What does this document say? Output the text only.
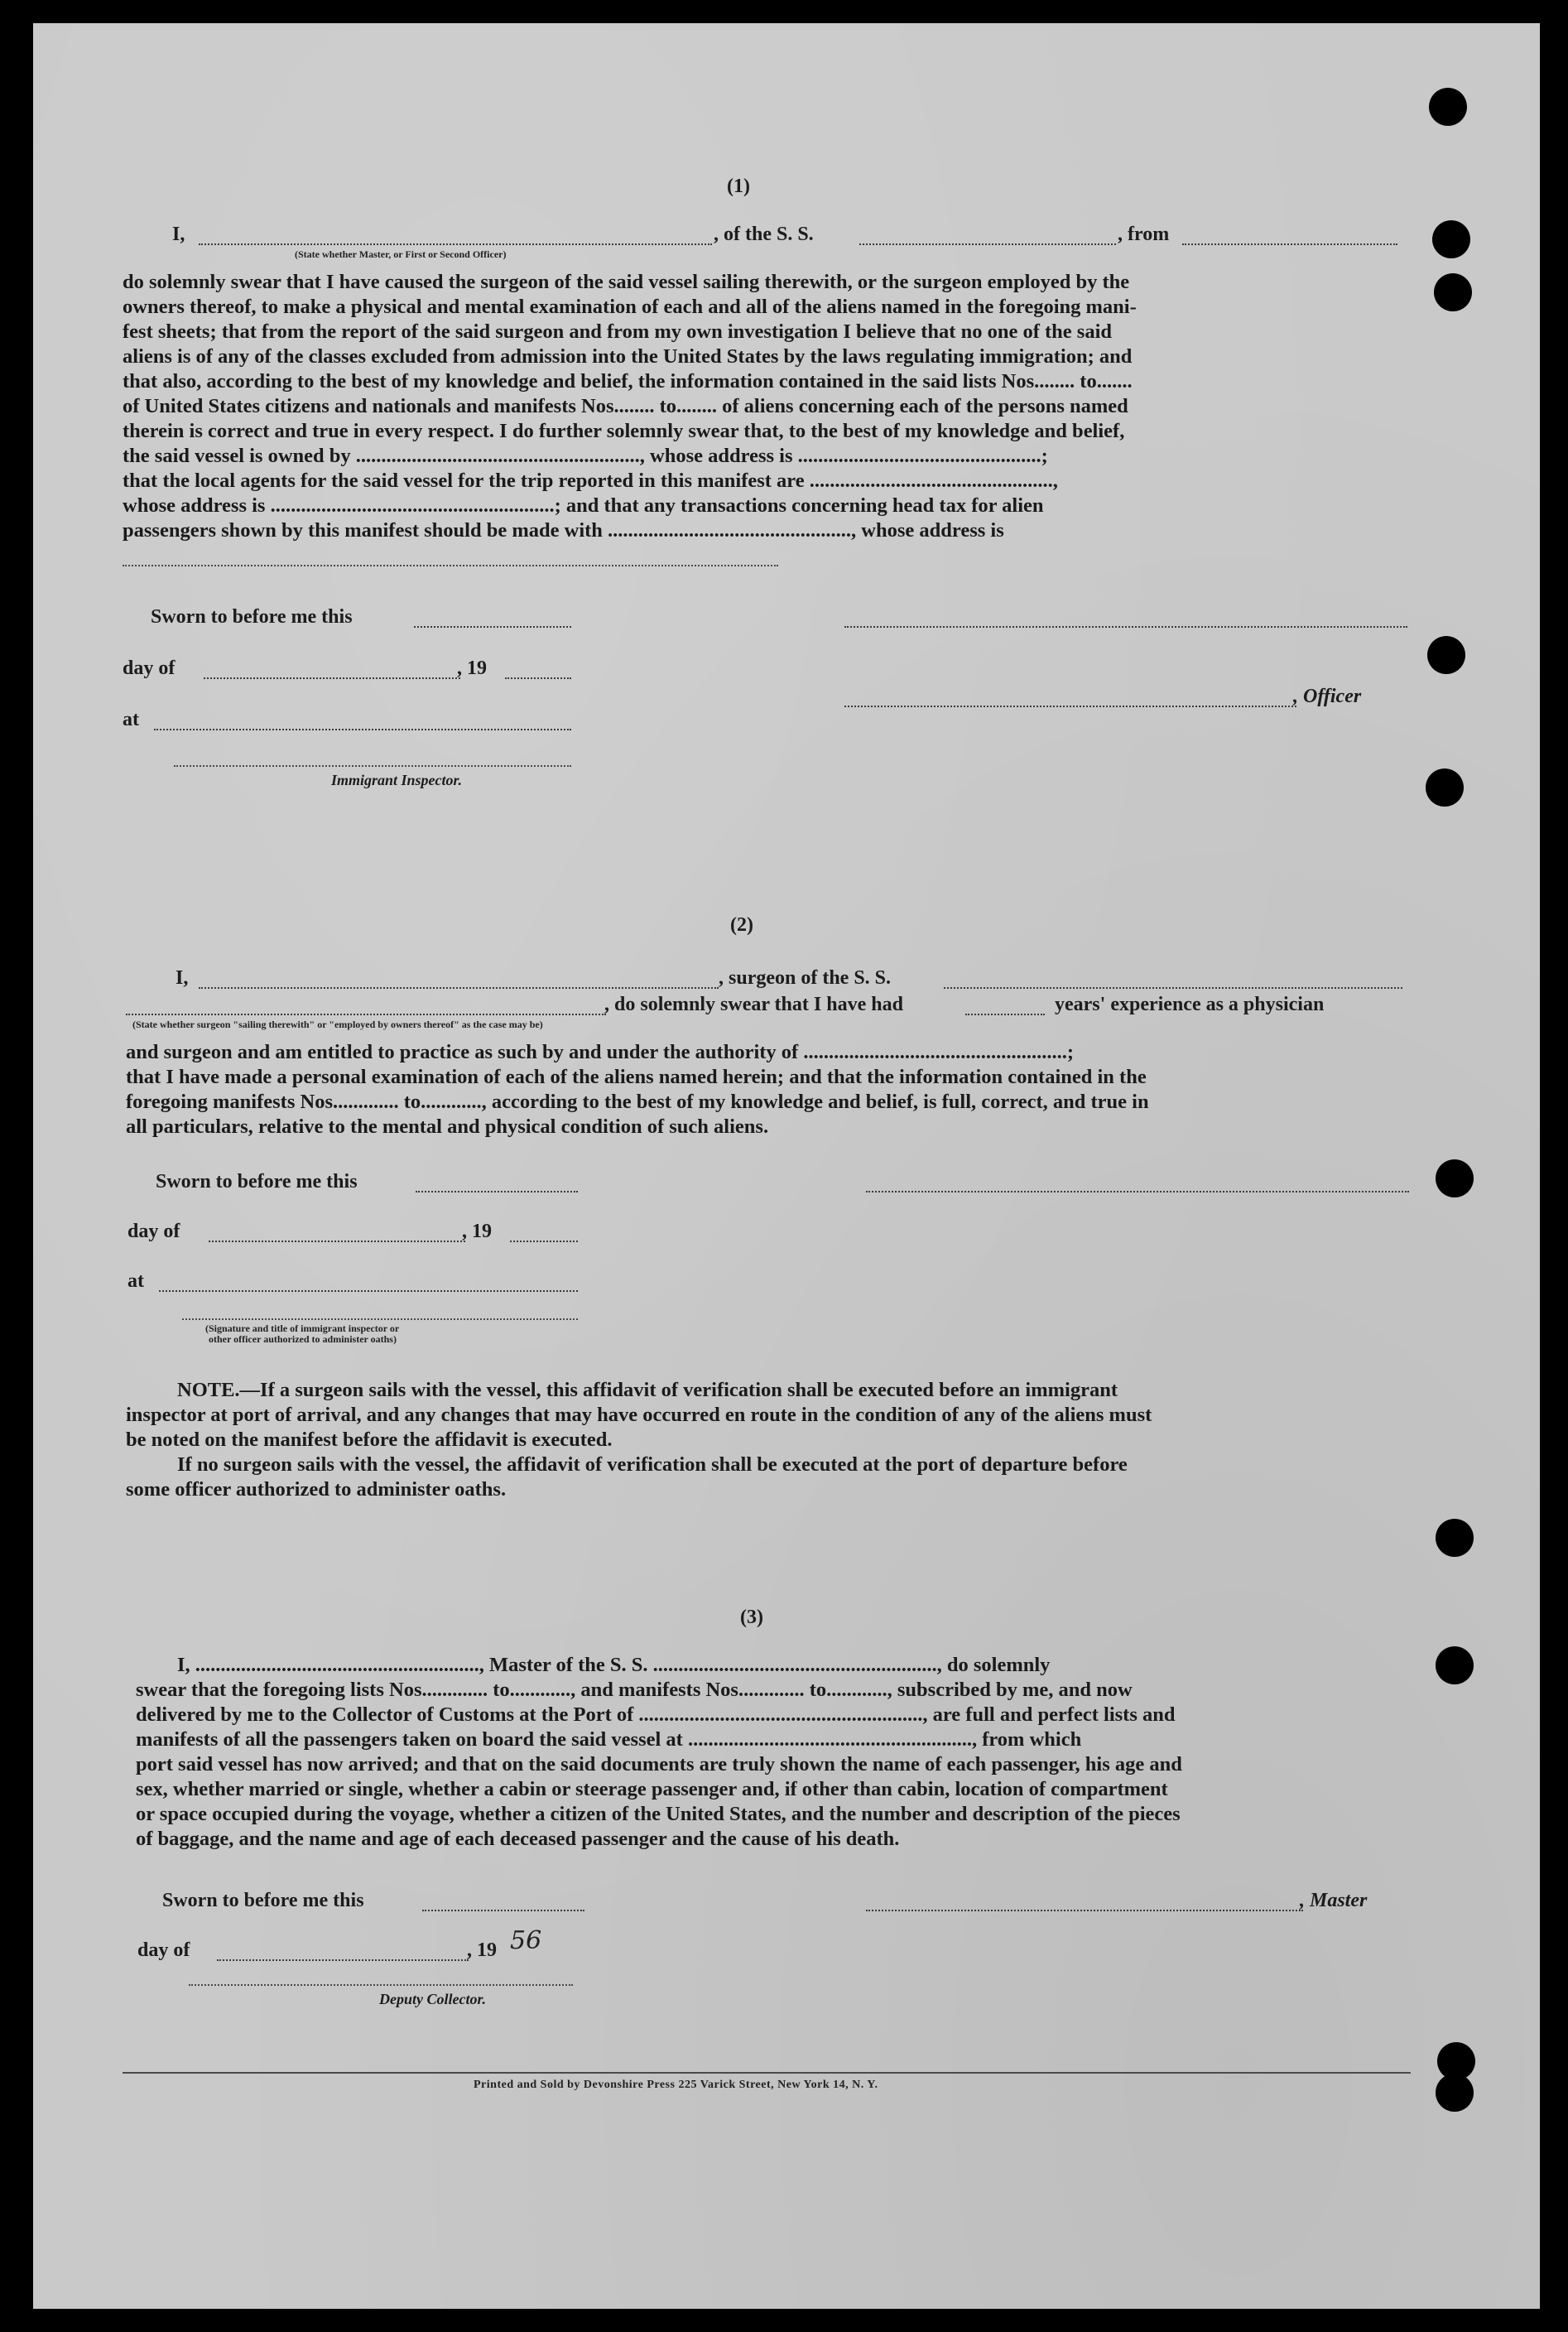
(1)
I,	, of the S. S.	, from
(State whether Master, or First or Second Officer)
do solemnly swear that I have caused the surgeon of the said vessel sailing therewith, or the surgeon employed by the
owners thereof, to make a physical and mental examination of each and all of the aliens named in the foregoing mani-
fest sheets; that from the report of the said surgeon and from my own investigation I believe that no one of the said
aliens is of any of the classes excluded from admission into the United States by the laws regulating immigration; and
that also, according to the best of my knowledge and belief, the information contained in the said lists Nos........ to.......
of United States citizens and nationals and manifests Nos........ to........ of aliens concerning each of the persons named
therein is correct and true in every respect. I do further solemnly swear that, to the best of my knowledge and belief,
the said vessel is owned by ........................................................, whose address is ................................................;
that the local agents for the said vessel for the trip reported in this manifest are ................................................,
whose address is ........................................................; and that any transactions concerning head tax for alien
passengers shown by this manifest should be made with ................................................, whose address is
Sworn to before me this
day of	, 19
, Officer
at
Immigrant Inspector.
(2)
I,	, surgeon of the S. S.
, do solemnly swear that I have had	years' experience as a physician
(State whether surgeon "sailing therewith" or "employed by owners thereof" as the case may be)
and surgeon and am entitled to practice as such by and under the authority of ....................................................;
that I have made a personal examination of each of the aliens named herein; and that the information contained in the
foregoing manifests Nos............. to............, according to the best of my knowledge and belief, is full, correct, and true in
all particulars, relative to the mental and physical condition of such aliens.
Sworn to before me this
day of	, 19
at
(Signature and title of immigrant inspector or
other officer authorized to administer oaths)
NOTE.—If a surgeon sails with the vessel, this affidavit of verification shall be executed before an immigrant
inspector at port of arrival, and any changes that may have occurred en route in the condition of any of the aliens must
be noted on the manifest before the affidavit is executed.
If no surgeon sails with the vessel, the affidavit of verification shall be executed at the port of departure before
some officer authorized to administer oaths.
(3)
I, ........................................................, Master of the S. S. ........................................................, do solemnly
swear that the foregoing lists Nos............. to............, and manifests Nos............. to............, subscribed by me, and now
delivered by me to the Collector of Customs at the Port of ........................................................, are full and perfect lists and
manifests of all the passengers taken on board the said vessel at ........................................................, from which
port said vessel has now arrived; and that on the said documents are truly shown the name of each passenger, his age and
sex, whether married or single, whether a cabin or steerage passenger and, if other than cabin, location of compartment
or space occupied during the voyage, whether a citizen of the United States, and the number and description of the pieces
of baggage, and the name and age of each deceased passenger and the cause of his death.
Sworn to before me this	, Master
day of	, 19 56
Deputy Collector.
Printed and Sold by Devonshire Press 225 Varick Street, New York 14, N. Y.
